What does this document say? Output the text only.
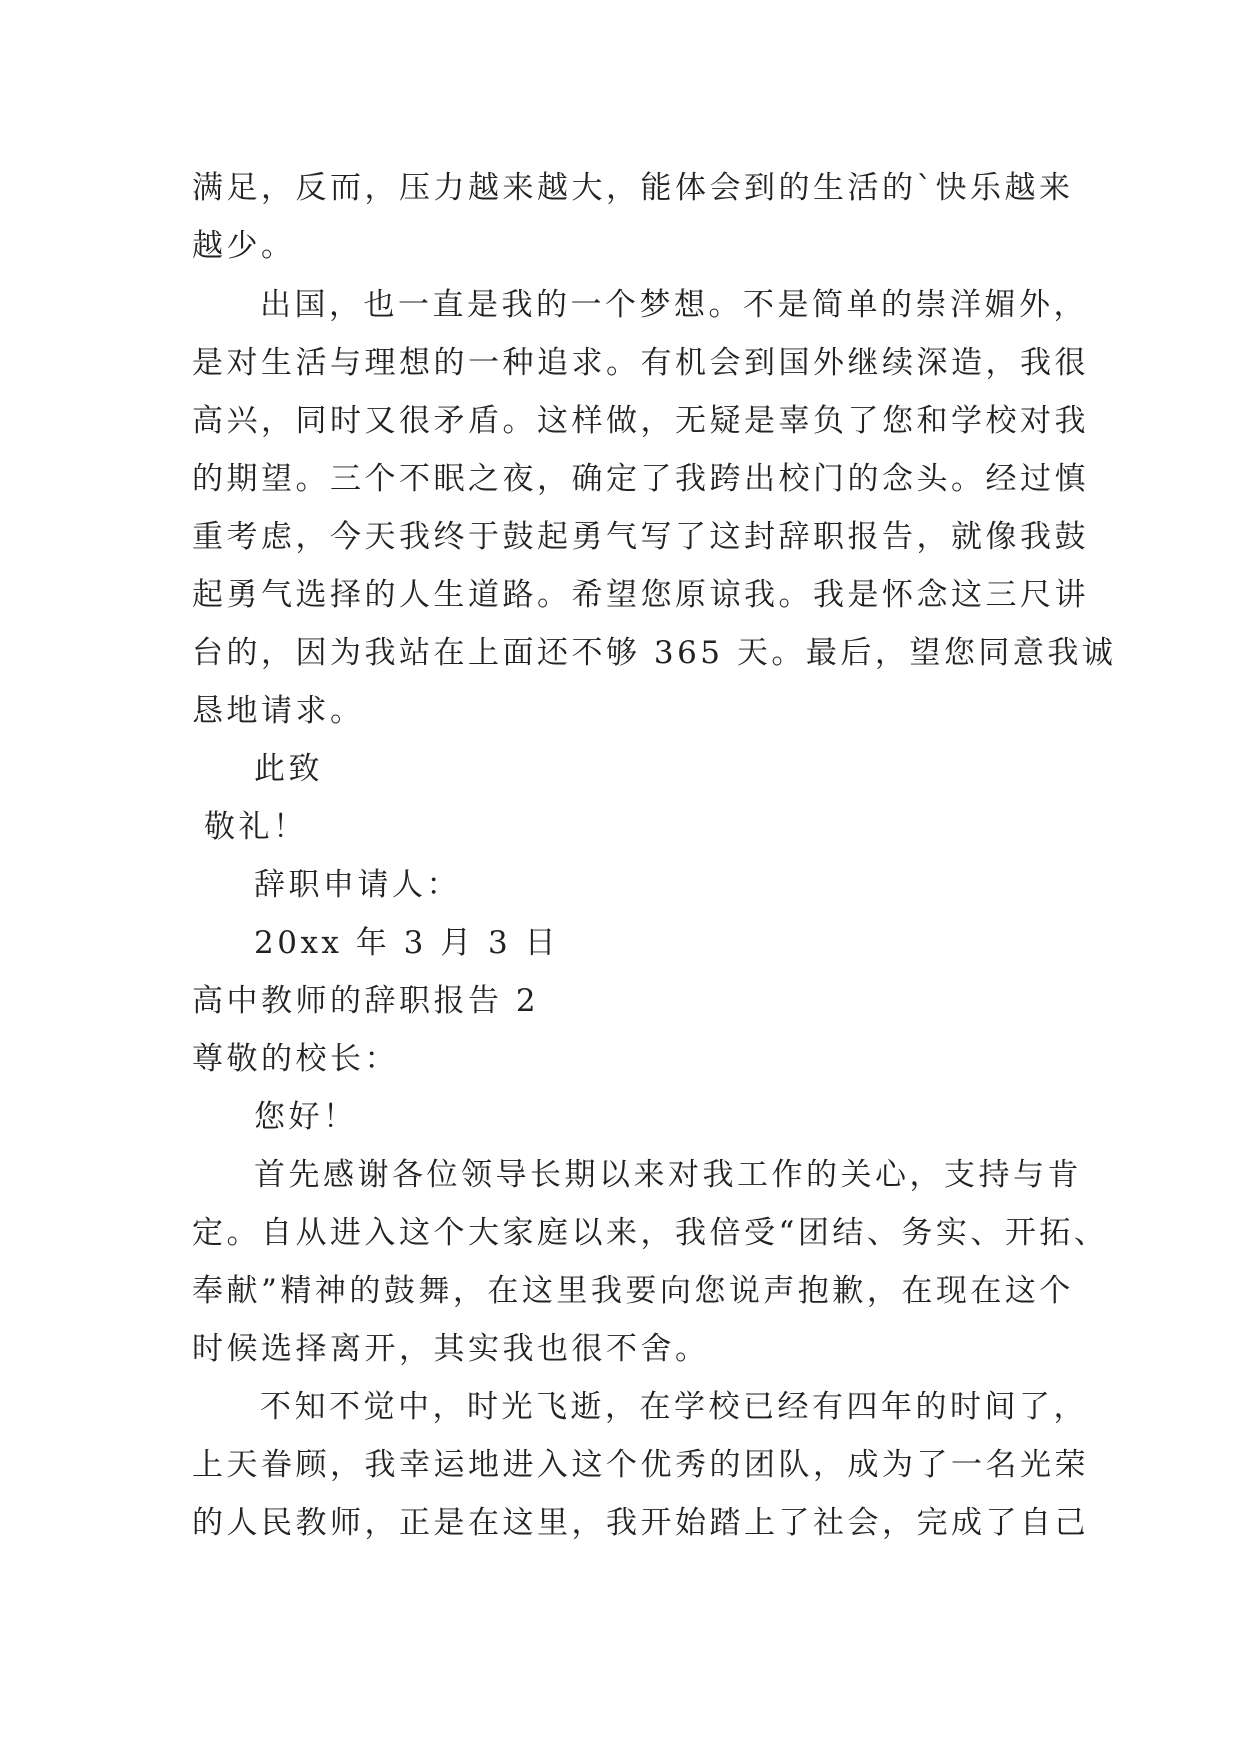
满足，反而，压力越来越大，能体会到的生活的`快乐越来
越少。
出国，也一直是我的一个梦想。不是简单的崇洋媚外，
是对生活与理想的一种追求。有机会到国外继续深造，我很
高兴，同时又很矛盾。这样做，无疑是辜负了您和学校对我
的期望。三个不眠之夜，确定了我跨出校门的念头。经过慎
重考虑，今天我终于鼓起勇气写了这封辞职报告，就像我鼓
起勇气选择的人生道路。希望您原谅我。我是怀念这三尺讲
台的，因为我站在上面还不够 365 天。最后，望您同意我诚
恳地请求。
此致
敬礼！
辞职申请人：
20xx 年 3 月 3 日
高中教师的辞职报告 2
尊敬的校长：
您好！
首先感谢各位领导长期以来对我工作的关心，支持与肯
定。自从进入这个大家庭以来，我倍受“团结、务实、开拓、
奉献”精神的鼓舞，在这里我要向您说声抱歉，在现在这个
时候选择离开，其实我也很不舍。
不知不觉中，时光飞逝，在学校已经有四年的时间了，
上天眷顾，我幸运地进入这个优秀的团队，成为了一名光荣
的人民教师，正是在这里，我开始踏上了社会，完成了自己
